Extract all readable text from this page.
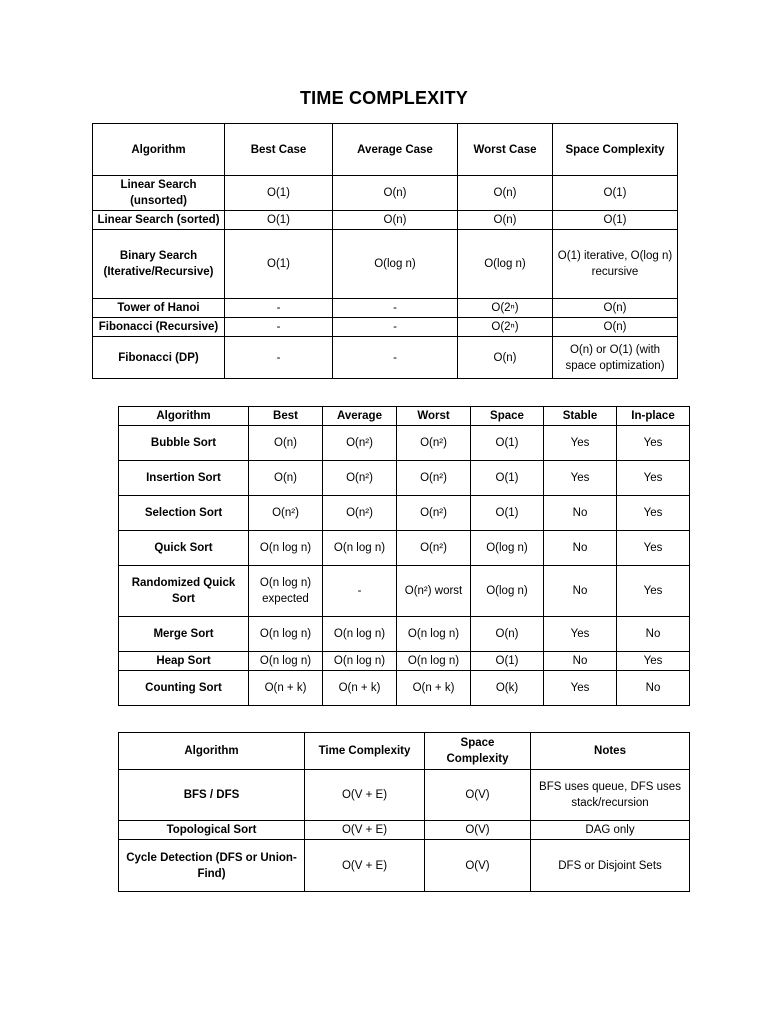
TIME COMPLEXITY
Algorithm	Best Case	Average Case	Worst Case	Space Complexity
Linear Search (unsorted)	O(1)	O(n)	O(n)	O(1)
Linear Search (sorted)	O(1)	O(n)	O(n)	O(1)
Binary Search (Iterative/Recursive)	O(1)	O(log n)	O(log n)	O(1) iterative, O(log n) recursive
Tower of Hanoi	-	-	O(2ⁿ)	O(n)
Fibonacci (Recursive)	-	-	O(2ⁿ)	O(n)
Fibonacci (DP)	-	-	O(n)	O(n) or O(1) (with space optimization)
Algorithm	Best	Average	Worst	Space	Stable	In-place
Bubble Sort	O(n)	O(n²)	O(n²)	O(1)	Yes	Yes
Insertion Sort	O(n)	O(n²)	O(n²)	O(1)	Yes	Yes
Selection Sort	O(n²)	O(n²)	O(n²)	O(1)	No	Yes
Quick Sort	O(n log n)	O(n log n)	O(n²)	O(log n)	No	Yes
Randomized Quick Sort	O(n log n) expected	-	O(n²) worst	O(log n)	No	Yes
Merge Sort	O(n log n)	O(n log n)	O(n log n)	O(n)	Yes	No
Heap Sort	O(n log n)	O(n log n)	O(n log n)	O(1)	No	Yes
Counting Sort	O(n + k)	O(n + k)	O(n + k)	O(k)	Yes	No
Algorithm	Time Complexity	Space Complexity	Notes
BFS / DFS	O(V + E)	O(V)	BFS uses queue, DFS uses stack/recursion
Topological Sort	O(V + E)	O(V)	DAG only
Cycle Detection (DFS or Union-Find)	O(V + E)	O(V)	DFS or Disjoint Sets
